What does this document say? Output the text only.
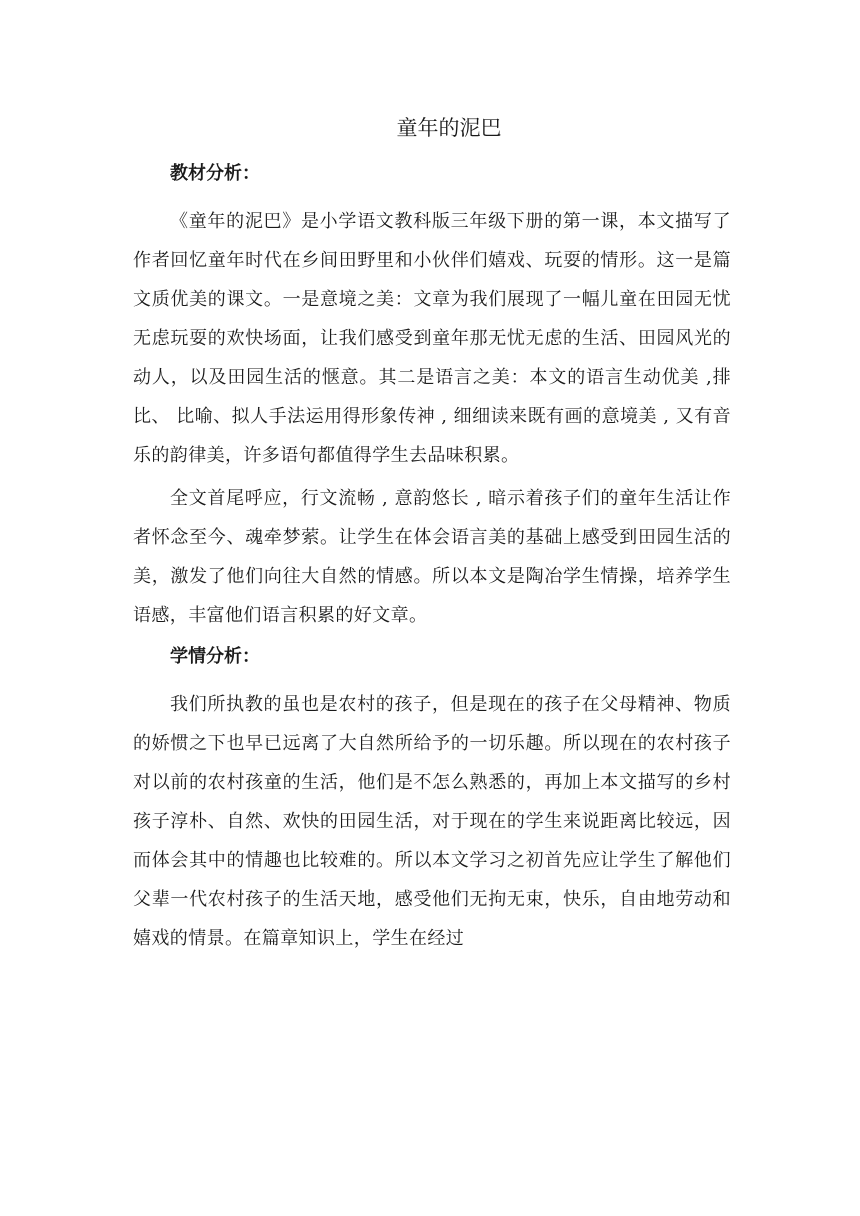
童年的泥巴
教材分析：

《童年的泥巴》是小学语文教科版三年级下册的第一课，本文描写了作者回忆童年时代在乡间田野里和小伙伴们嬉戏、玩耍的情形。这一是篇文质优美的课文。一是意境之美：文章为我们展现了一幅儿童在田园无忧无虑玩耍的欢快场面，让我们感受到童年那无忧无虑的生活、田园风光的动人，以及田园生活的惬意。其二是语言之美：本文的语言生动优美 ,排比、 比喻、拟人手法运用得形象传神 , 细细读来既有画的意境美 , 又有音乐的韵律美，许多语句都值得学生去品味积累。

全文首尾呼应，行文流畅 , 意韵悠长 , 暗示着孩子们的童年生活让作者怀念至今、魂牵梦萦。让学生在体会语言美的基础上感受到田园生活的美，激发了他们向往大自然的情感。所以本文是陶冶学生情操，培养学生语感，丰富他们语言积累的好文章。

学情分析：

我们所执教的虽也是农村的孩子，但是现在的孩子在父母精神、物质的娇惯之下也早已远离了大自然所给予的一切乐趣。所以现在的农村孩子对以前的农村孩童的生活，他们是不怎么熟悉的，再加上本文描写的乡村孩子淳朴、自然、欢快的田园生活，对于现在的学生来说距离比较远，因而体会其中的情趣也比较难的。所以本文学习之初首先应让学生了解他们父辈一代农村孩子的生活天地，感受他们无拘无束，快乐，自由地劳动和嬉戏的情景。在篇章知识上，学生在经过
